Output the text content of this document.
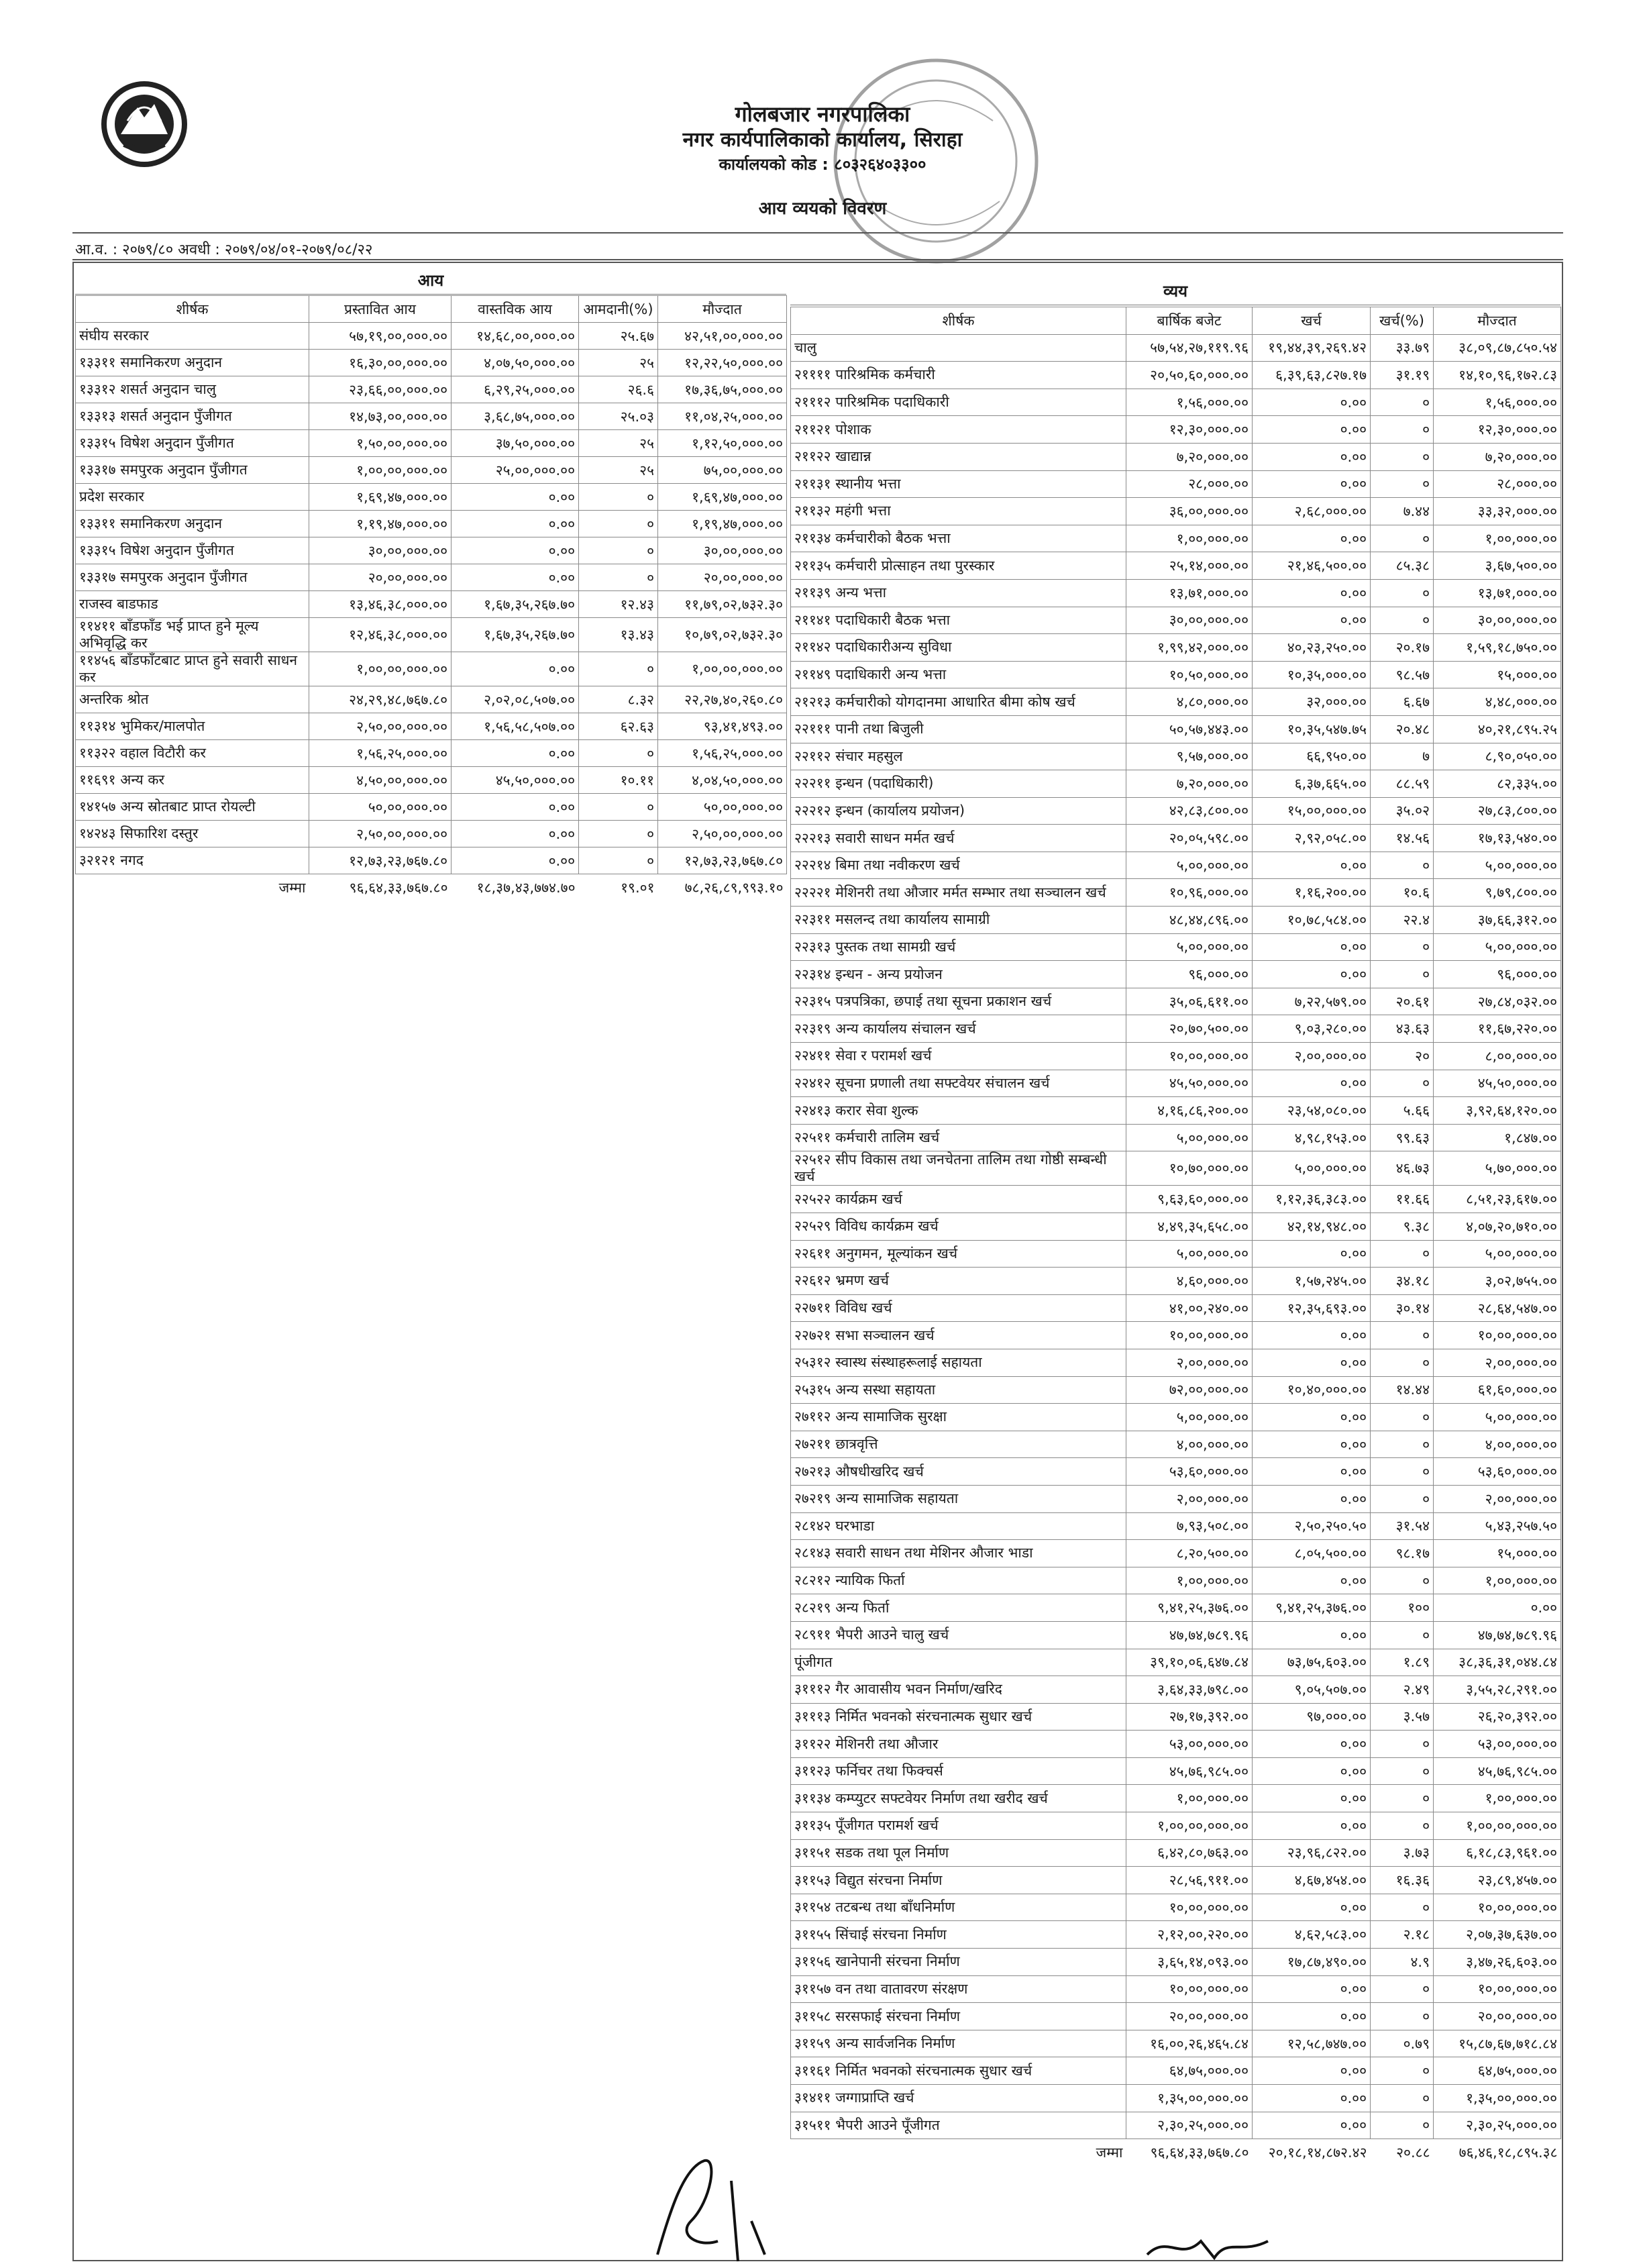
गोलबजार नगरपालिका
नगर कार्यपालिकाको कार्यालय, सिराहा
कार्यालयको कोड : ८०३२६४०३३००
आय व्ययको विवरण
आ.व. : २०७९/८० अवधी : २०७९/०४/०१-२०७९/०८/२२
आय
व्यय
शीर्षक	प्रस्तावित आय	वास्तविक आय	आमदानी(%)	मौज्दात
संघीय सरकार	५७,१९,००,०००.००	१४,६८,००,०००.००	२५.६७	४२,५१,००,०००.००
१३३११ समानिकरण अनुदान	१६,३०,००,०००.००	४,०७,५०,०००.००	२५	१२,२२,५०,०००.००
१३३१२ शसर्त अनुदान चालु	२३,६६,००,०००.००	६,२९,२५,०००.००	२६.६	१७,३६,७५,०००.००
१३३१३ शसर्त अनुदान पुँजीगत	१४,७३,००,०००.००	३,६८,७५,०००.००	२५.०३	११,०४,२५,०००.००
१३३१५ विषेश अनुदान पुँजीगत	१,५०,००,०००.००	३७,५०,०००.००	२५	१,१२,५०,०००.००
१३३१७ समपुरक अनुदान पुँजीगत	१,००,००,०००.००	२५,००,०००.००	२५	७५,००,०००.००
प्रदेश सरकार	१,६९,४७,०००.००	०.००	०	१,६९,४७,०००.००
१३३११ समानिकरण अनुदान	१,१९,४७,०००.००	०.००	०	१,१९,४७,०००.००
१३३१५ विषेश अनुदान पुँजीगत	३०,००,०००.००	०.००	०	३०,००,०००.००
१३३१७ समपुरक अनुदान पुँजीगत	२०,००,०००.००	०.००	०	२०,००,०००.००
राजस्व बाडफाड	१३,४६,३८,०००.००	१,६७,३५,२६७.७०	१२.४३	११,७९,०२,७३२.३०
११४११ बाँडफाँड भई प्राप्त हुने मूल्य अभिवृद्धि कर	१२,४६,३८,०००.००	१,६७,३५,२६७.७०	१३.४३	१०,७९,०२,७३२.३०
११४५६ बाँडफाँटबाट प्राप्त हुने सवारी साधन कर	१,००,००,०००.००	०.००	०	१,००,००,०००.००
अन्तरिक श्रोत	२४,२९,४८,७६७.८०	२,०२,०८,५०७.००	८.३२	२२,२७,४०,२६०.८०
११३१४ भुमिकर/मालपोत	२,५०,००,०००.००	१,५६,५८,५०७.००	६२.६३	९३,४१,४९३.००
११३२२ वहाल विटौरी कर	१,५६,२५,०००.००	०.००	०	१,५६,२५,०००.००
११६९१ अन्य कर	४,५०,००,०००.००	४५,५०,०००.००	१०.११	४,०४,५०,०००.००
१४१५७ अन्य स्रोतबाट प्राप्त रोयल्टी	५०,००,०००.००	०.००	०	५०,००,०००.००
१४२४३ सिफारिश दस्तुर	२,५०,००,०००.००	०.००	०	२,५०,००,०००.००
३२१२१ नगद	१२,७३,२३,७६७.८०	०.००	०	१२,७३,२३,७६७.८०
जम्मा	९६,६४,३३,७६७.८०	१८,३७,४३,७७४.७०	१९.०१	७८,२६,८९,९९३.१०
शीर्षक	बार्षिक बजेट	खर्च	खर्च(%)	मौज्दात
चालु	५७,५४,२७,११९.९६	१९,४४,३९,२६९.४२	३३.७९	३८,०९,८७,८५०.५४
२११११ पारिश्रमिक कर्मचारी	२०,५०,६०,०००.००	६,३९,६३,८२७.१७	३१.१९	१४,१०,९६,१७२.८३
२१११२ पारिश्रमिक पदाधिकारी	१,५६,०००.००	०.००	०	१,५६,०००.००
२११२१ पोशाक	१२,३०,०००.००	०.००	०	१२,३०,०००.००
२११२२ खाद्यान्न	७,२०,०००.००	०.००	०	७,२०,०००.००
२११३१ स्थानीय भत्ता	२८,०००.००	०.००	०	२८,०००.००
२११३२ महंगी भत्ता	३६,००,०००.००	२,६८,०००.००	७.४४	३३,३२,०००.००
२११३४ कर्मचारीको बैठक भत्ता	१,००,०००.००	०.००	०	१,००,०००.००
२११३५ कर्मचारी प्रोत्साहन तथा पुरस्कार	२५,१४,०००.००	२१,४६,५००.००	८५.३८	३,६७,५००.००
२११३९ अन्य भत्ता	१३,७१,०००.००	०.००	०	१३,७१,०००.००
२११४१ पदाधिकारी बैठक भत्ता	३०,००,०००.००	०.००	०	३०,००,०००.००
२११४२ पदाधिकारीअन्य सुविधा	१,९९,४२,०००.००	४०,२३,२५०.००	२०.१७	१,५९,१८,७५०.००
२११४९ पदाधिकारी अन्य भत्ता	१०,५०,०००.००	१०,३५,०००.००	९८.५७	१५,०००.००
२१२१३ कर्मचारीको योगदानमा आधारित बीमा कोष खर्च	४,८०,०००.००	३२,०००.००	६.६७	४,४८,०००.००
२२१११ पानी तथा बिजुली	५०,५७,४४३.००	१०,३५,५४७.७५	२०.४८	४०,२१,८९५.२५
२२११२ संचार महसुल	९,५७,०००.००	६६,९५०.००	७	८,९०,०५०.००
२२२११ इन्धन (पदाधिकारी)	७,२०,०००.००	६,३७,६६५.००	८८.५९	८२,३३५.००
२२२१२ इन्धन (कार्यालय प्रयोजन)	४२,८३,८००.००	१५,००,०००.००	३५.०२	२७,८३,८००.००
२२२१३ सवारी साधन मर्मत खर्च	२०,०५,५९८.००	२,९२,०५८.००	१४.५६	१७,१३,५४०.००
२२२१४ बिमा तथा नवीकरण खर्च	५,००,०००.००	०.००	०	५,००,०००.००
२२२२१ मेशिनरी तथा औजार मर्मत सम्भार तथा सञ्चालन खर्च	१०,९६,०००.००	१,१६,२००.००	१०.६	९,७९,८००.००
२२३११ मसलन्द तथा कार्यालय सामाग्री	४८,४४,८९६.००	१०,७८,५८४.००	२२.४	३७,६६,३१२.००
२२३१३ पुस्तक तथा सामग्री खर्च	५,००,०००.००	०.००	०	५,००,०००.००
२२३१४ इन्धन - अन्य प्रयोजन	९६,०००.००	०.००	०	९६,०००.००
२२३१५ पत्रपत्रिका, छपाई तथा सूचना प्रकाशन खर्च	३५,०६,६११.००	७,२२,५७९.००	२०.६१	२७,८४,०३२.००
२२३१९ अन्य कार्यालय संचालन खर्च	२०,७०,५००.००	९,०३,२८०.००	४३.६३	११,६७,२२०.००
२२४११ सेवा र परामर्श खर्च	१०,००,०००.००	२,००,०००.००	२०	८,००,०००.००
२२४१२ सूचना प्रणाली तथा सफ्टवेयर संचालन खर्च	४५,५०,०००.००	०.००	०	४५,५०,०००.००
२२४१३ करार सेवा शुल्क	४,१६,८६,२००.००	२३,५४,०८०.००	५.६६	३,९२,६४,१२०.००
२२५११ कर्मचारी तालिम खर्च	५,००,०००.००	४,९८,१५३.००	९९.६३	१,८४७.००
२२५१२ सीप विकास तथा जनचेतना तालिम तथा गोष्ठी सम्बन्धी खर्च	१०,७०,०००.००	५,००,०००.००	४६.७३	५,७०,०००.००
२२५२२ कार्यक्रम खर्च	९,६३,६०,०००.००	१,१२,३६,३८३.००	११.६६	८,५१,२३,६१७.००
२२५२९ विविध कार्यक्रम खर्च	४,४९,३५,६५८.००	४२,१४,९४८.००	९.३८	४,०७,२०,७१०.००
२२६११ अनुगमन, मूल्यांकन खर्च	५,००,०००.००	०.००	०	५,००,०००.००
२२६१२ भ्रमण खर्च	४,६०,०००.००	१,५७,२४५.००	३४.१८	३,०२,७५५.००
२२७११ विविध खर्च	४१,००,२४०.००	१२,३५,६९३.००	३०.१४	२८,६४,५४७.००
२२७२१ सभा सञ्चालन खर्च	१०,००,०००.००	०.००	०	१०,००,०००.००
२५३१२ स्वास्थ संस्थाहरूलाई सहायता	२,००,०००.००	०.००	०	२,००,०००.००
२५३१५ अन्य सस्था सहायता	७२,००,०००.००	१०,४०,०००.००	१४.४४	६१,६०,०००.००
२७११२ अन्य सामाजिक सुरक्षा	५,००,०००.००	०.००	०	५,००,०००.००
२७२११ छात्रवृत्ति	४,००,०००.००	०.००	०	४,००,०००.००
२७२१३ औषधीखरिद खर्च	५३,६०,०००.००	०.००	०	५३,६०,०००.००
२७२१९ अन्य सामाजिक सहायता	२,००,०००.००	०.००	०	२,००,०००.००
२८१४२ घरभाडा	७,९३,५०८.००	२,५०,२५०.५०	३१.५४	५,४३,२५७.५०
२८१४३ सवारी साधन तथा मेशिनर औजार भाडा	८,२०,५००.००	८,०५,५००.००	९८.१७	१५,०००.००
२८२१२ न्यायिक फिर्ता	१,००,०००.००	०.००	०	१,००,०००.००
२८२१९ अन्य फिर्ता	९,४१,२५,३७६.००	९,४१,२५,३७६.००	१००	०.००
२८९११ भैपरी आउने चालु खर्च	४७,७४,७८९.९६	०.००	०	४७,७४,७८९.९६
पूंजीगत	३९,१०,०६,६४७.८४	७३,७५,६०३.००	१.८९	३८,३६,३१,०४४.८४
३१११२ गैर आवासीय भवन निर्माण/खरिद	३,६४,३३,७९८.००	९,०५,५०७.००	२.४९	३,५५,२८,२९१.००
३१११३ निर्मित भवनको संरचनात्मक सुधार खर्च	२७,१७,३९२.००	९७,०००.००	३.५७	२६,२०,३९२.००
३११२२ मेशिनरी तथा औजार	५३,००,०००.००	०.००	०	५३,००,०००.००
३११२३ फर्निचर तथा फिक्चर्स	४५,७६,९८५.००	०.००	०	४५,७६,९८५.००
३११३४ कम्प्युटर सफ्टवेयर निर्माण तथा खरीद खर्च	१,००,०००.००	०.००	०	१,००,०००.००
३११३५ पूँजीगत परामर्श खर्च	१,००,००,०००.००	०.००	०	१,००,००,०००.००
३११५१ सडक तथा पूल निर्माण	६,४२,८०,७६३.००	२३,९६,८२२.००	३.७३	६,१८,८३,९६१.००
३११५३ विद्युत संरचना निर्माण	२८,५६,९११.००	४,६७,४५४.००	१६.३६	२३,८९,४५७.००
३११५४ तटबन्ध तथा बाँधनिर्माण	१०,००,०००.००	०.००	०	१०,००,०००.००
३११५५ सिंचाई संरचना निर्माण	२,१२,००,२२०.००	४,६२,५८३.००	२.१८	२,०७,३७,६३७.००
३११५६ खानेपानी संरचना निर्माण	३,६५,१४,०९३.००	१७,८७,४९०.००	४.९	३,४७,२६,६०३.००
३११५७ वन तथा वातावरण संरक्षण	१०,००,०००.००	०.००	०	१०,००,०००.००
३११५८ सरसफाई संरचना निर्माण	२०,००,०००.००	०.००	०	२०,००,०००.००
३११५९ अन्य सार्वजनिक निर्माण	१६,००,२६,४६५.८४	१२,५८,७४७.००	०.७९	१५,८७,६७,७१८.८४
३११६१ निर्मित भवनको संरचनात्मक सुधार खर्च	६४,७५,०००.००	०.००	०	६४,७५,०००.००
३१४११ जग्गाप्राप्ति खर्च	१,३५,००,०००.००	०.००	०	१,३५,००,०००.००
३१५११ भैपरी आउने पूँजीगत	२,३०,२५,०००.००	०.००	०	२,३०,२५,०००.००
जम्मा	९६,६४,३३,७६७.८०	२०,१८,१४,८७२.४२	२०.८८	७६,४६,१८,८९५.३८
